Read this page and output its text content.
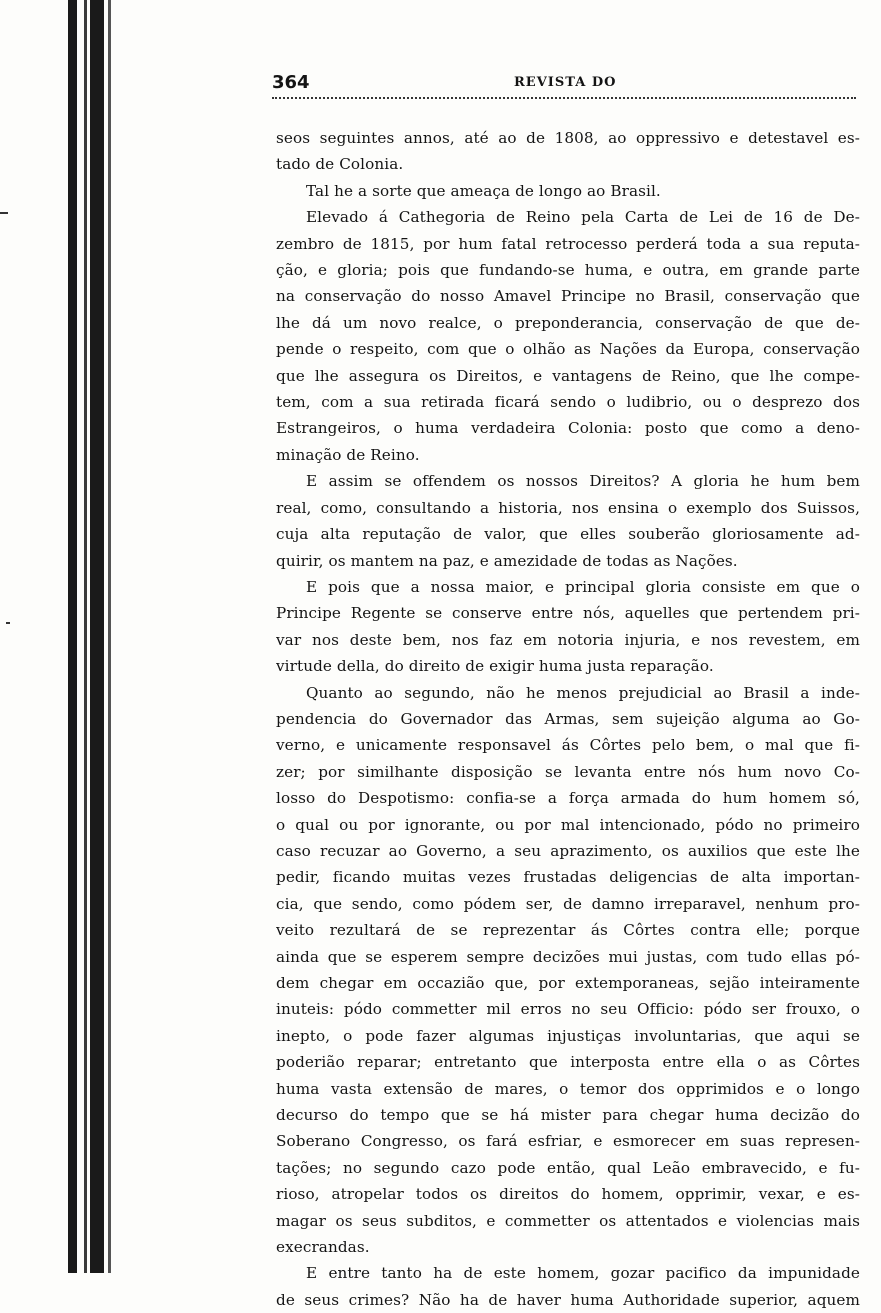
364	REVISTA DO
seos seguintes annos, até ao de 1808, ao oppressivo e detestavel es-
tado de Colonia.
Tal he a sorte que ameaça de longo ao Brasil.
Elevado á Cathegoria de Reino pela Carta de Lei de 16 de De-
zembro de 1815, por hum fatal retrocesso perderá toda a sua reputa-
ção, e gloria; pois que fundando-se huma, e outra, em grande parte
na conservação do nosso Amavel Principe no Brasil, conservação que
lhe dá um novo realce, o preponderancia, conservação de que de-
pende o respeito, com que o olhão as Nações da Europa, conservação
que lhe assegura os Direitos, e vantagens de Reino, que lhe compe-
tem, com a sua retirada ficará sendo o ludibrio, ou o desprezo dos
Estrangeiros, o huma verdadeira Colonia: posto que como a deno-
minação de Reino.
E assim se offendem os nossos Direitos? A gloria he hum bem
real, como, consultando a historia, nos ensina o exemplo dos Suissos,
cuja alta reputação de valor, que elles souberão gloriosamente ad-
quirir, os mantem na paz, e amezidade de todas as Nações.
E pois que a nossa maior, e principal gloria consiste em que o
Principe Regente se conserve entre nós, aquelles que pertendem pri-
var nos deste bem, nos faz em notoria injuria, e nos revestem, em
virtude della, do direito de exigir huma justa reparação.
Quanto ao segundo, não he menos prejudicial ao Brasil a inde-
pendencia do Governador das Armas, sem sujeição alguma ao Go-
verno, e unicamente responsavel ás Côrtes pelo bem, o mal que fi-
zer; por similhante disposição se levanta entre nós hum novo Co-
losso do Despotismo: confia-se a força armada do hum homem só,
o qual ou por ignorante, ou por mal intencionado, pódo no primeiro
caso recuzar ao Governo, a seu aprazimento, os auxilios que este lhe
pedir, ficando muitas vezes frustadas deligencias de alta importan-
cia, que sendo, como pódem ser, de damno irreparavel, nenhum pro-
veito rezultará de se reprezentar ás Côrtes contra elle; porque
ainda que se esperem sempre decizões mui justas, com tudo ellas pó-
dem chegar em occazião que, por extemporaneas, sejão inteiramente
inuteis: pódo commetter mil erros no seu Officio: pódo ser frouxo, o
inepto, o pode fazer algumas injustiças involuntarias, que aqui se
poderião reparar; entretanto que interposta entre ella o as Côrtes
huma vasta extensão de mares, o temor dos opprimidos e o longo
decurso do tempo que se há mister para chegar huma decizão do
Soberano Congresso, os fará esfriar, e esmorecer em suas represen-
tações; no segundo cazo pode então, qual Leão embravecido, e fu-
rioso, atropelar todos os direitos do homem, opprimir, vexar, e es-
magar os seus subditos, e commetter os attentados e violencias mais
execrandas.
E entre tanto ha de este homem, gozar pacifico da impunidade
de seus crimes? Não ha de haver huma Authoridade superior, aquem
